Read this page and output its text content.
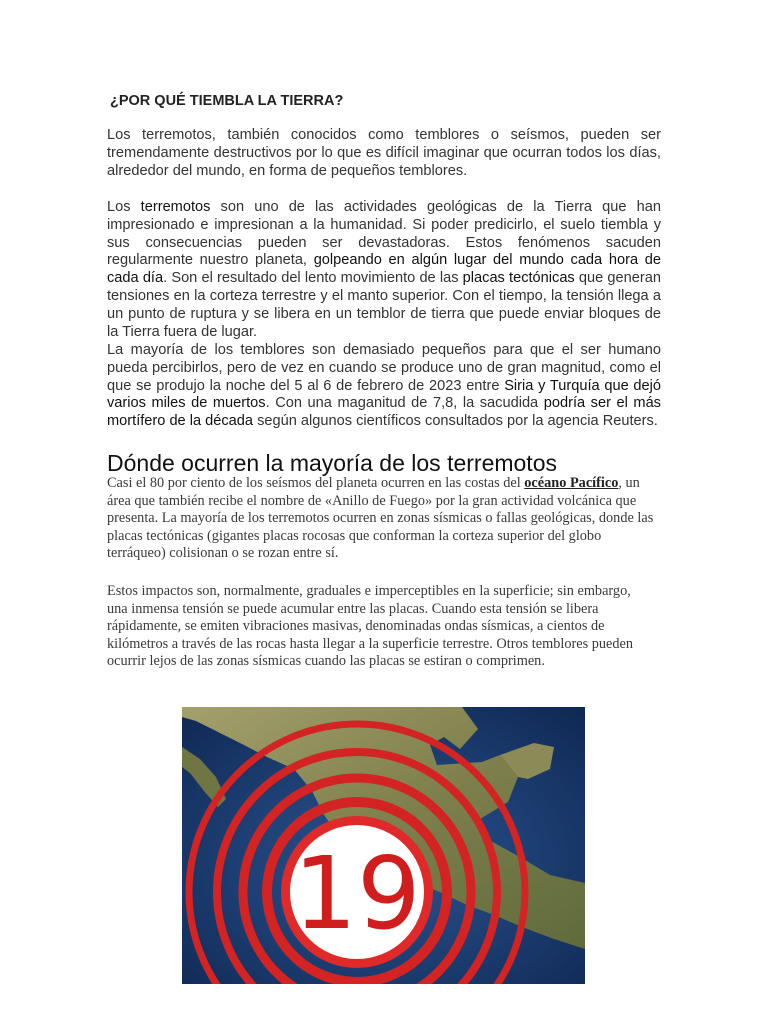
¿POR QUÉ TIEMBLA LA TIERRA?

Los terremotos, también conocidos como temblores o seísmos, pueden ser tremendamente destructivos por lo que es difícil imaginar que ocurran todos los días, alrededor del mundo, en forma de pequeños temblores.

Los terremotos son uno de las actividades geológicas de la Tierra que han impresionado e impresionan a la humanidad. Si poder predicirlo, el suelo tiembla y sus consecuencias pueden ser devastadoras. Estos fenómenos sacuden regularmente nuestro planeta, golpeando en algún lugar del mundo cada hora de cada día. Son el resultado del lento movimiento de las placas tectónicas que generan tensiones en la corteza terrestre y el manto superior. Con el tiempo, la tensión llega a un punto de ruptura y se libera en un temblor de tierra que puede enviar bloques de la Tierra fuera de lugar.

La mayoría de los temblores son demasiado pequeños para que el ser humano pueda percibirlos, pero de vez en cuando se produce uno de gran magnitud, como el que se produjo la noche del 5 al 6 de febrero de 2023 entre Siria y Turquía que dejó varios miles de muertos. Con una maganitud de 7,8, la sacudida podría ser el más mortífero de la década según algunos científicos consultados por la agencia Reuters.

Dónde ocurren la mayoría de los terremotos

Casi el 80 por ciento de los seísmos del planeta ocurren en las costas del océano Pacífico, un área que también recibe el nombre de «Anillo de Fuego» por la gran actividad volcánica que presenta. La mayoría de los terremotos ocurren en zonas sísmicas o fallas geológicas, donde las placas tectónicas (gigantes placas rocosas que conforman la corteza superior del globo terráqueo) colisionan o se rozan entre sí.

Estos impactos son, normalmente, graduales e imperceptibles en la superficie; sin embargo, una inmensa tensión se puede acumular entre las placas. Cuando esta tensión se libera rápidamente, se emiten vibraciones masivas, denominadas ondas sísmicas, a cientos de kilómetros a través de las rocas hasta llegar a la superficie terrestre. Otros temblores pueden ocurrir lejos de las zonas sísmicas cuando las placas se estiran o comprimen.

19
